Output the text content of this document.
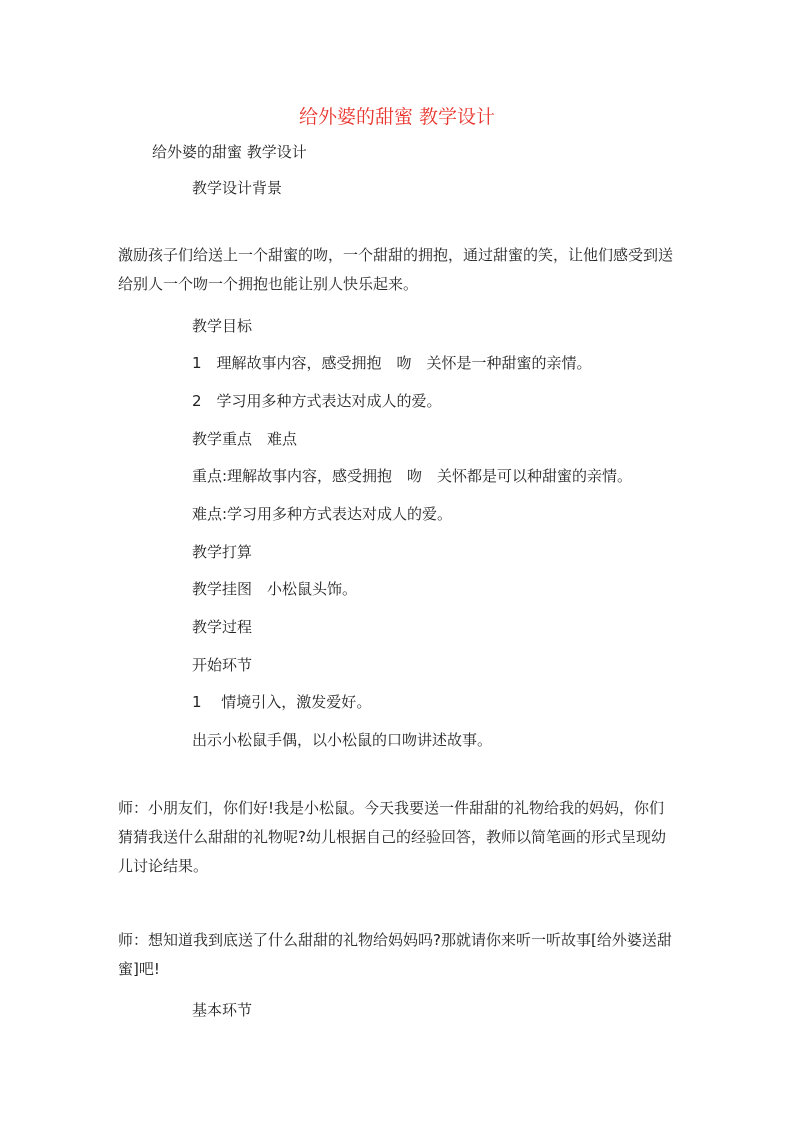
给外婆的甜蜜 教学设计
给外婆的甜蜜 教学设计
教学设计背景
激励孩子们给送上一个甜蜜的吻，一个甜甜的拥抱，通过甜蜜的笑，让他们感受到送给别人一个吻一个拥抱也能让别人快乐起来。
教学目标
1　理解故事内容，感受拥抱　吻　关怀是一种甜蜜的亲情。
2　学习用多种方式表达对成人的爱。
教学重点　难点
重点:理解故事内容，感受拥抱　吻　关怀都是可以种甜蜜的亲情。
难点:学习用多种方式表达对成人的爱。
教学打算
教学挂图　小松鼠头饰。
教学过程
开始环节
1　 情境引入，激发爱好。
出示小松鼠手偶，以小松鼠的口吻讲述故事。
师：小朋友们，你们好!我是小松鼠。今天我要送一件甜甜的礼物给我的妈妈，你们猜猜我送什么甜甜的礼物呢?幼儿根据自己的经验回答，教师以简笔画的形式呈现幼儿讨论结果。
师：想知道我到底送了什么甜甜的礼物给妈妈吗?那就请你来听一听故事[给外婆送甜蜜]吧!
基本环节
